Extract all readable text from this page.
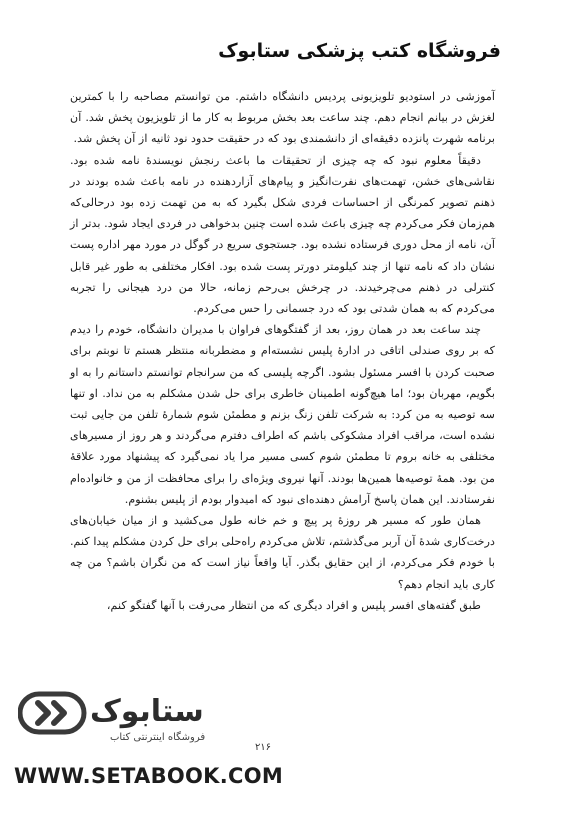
فروشگاه کتب پزشکی ستابوک

آموزشی در استودیو تلویزیونی پردیس دانشگاه داشتم. من توانستم مصاحبه را با کمترین لغزش در بیانم انجام دهم. چند ساعت بعد بخش مربوط به کار ما از تلویزیون پخش شد. آن برنامه شهرت پانزده دقیقه‌ای از دانشمندی بود که در حقیقت حدود نود ثانیه از آن پخش شد.

دقیقاً معلوم نبود که چه چیزی از تحقیقات ما باعث رنجش نویسندهٔ نامه شده بود. نقاشی‌های خشن، تهمت‌های نفرت‌انگیز و پیام‌های آزاردهنده در نامه باعث شده بودند در ذهنم تصویر کمرنگی از احساسات فردی شکل بگیرد که به من تهمت زده بود درحالی‌که هم‌زمان فکر می‌کردم چه چیزی باعث شده است چنین بدخواهی در فردی ایجاد شود. بدتر از آن، نامه از محل دوری فرستاده نشده بود. جستجوی سریع در گوگل در مورد مهر اداره پست نشان داد که نامه تنها از چند کیلومتر دورتر پست شده بود. افکار مختلفی به طور غیر قابل کنترلی در ذهنم می‌چرخیدند. در چرخش بی‌رحم زمانه، حالا من درد هیجانی را تجربه می‌کردم که به همان شدتی بود که درد جسمانی را حس می‌کردم.

چند ساعت بعد در همان روز، بعد از گفتگوهای فراوان با مدیران دانشگاه، خودم را دیدم که بر روی صندلی اتاقی در ادارهٔ پلیس نشسته‌ام و مضطربانه منتظر هستم تا نوبتم برای صحبت کردن با افسر مسئول بشود. اگرچه پلیسی که من سرانجام توانستم داستانم را به او بگویم، مهربان بود؛ اما هیچ‌گونه اطمینان خاطری برای حل شدن مشکلم به من نداد. او تنها سه توصیه به من کرد: به شرکت تلفن زنگ بزنم و مطمئن شوم شمارهٔ تلفن من جایی ثبت نشده است، مراقب افراد مشکوکی باشم که اطراف دفترم می‌گردند و هر روز از مسیرهای مختلفی به خانه بروم تا مطمئن شوم کسی مسیر مرا یاد نمی‌گیرد که پیشنهاد مورد علاقهٔ من بود. همهٔ توصیه‌ها همین‌ها بودند. آنها نیروی ویژه‌ای را برای محافظت از من و خانواده‌ام نفرستادند. این همان پاسخ آرامش دهنده‌ای نبود که امیدوار بودم از پلیس بشنوم.

همان طور که مسیر هر روزهٔ پر پیچ و خم خانه طول می‌کشید و از میان خیابان‌های درخت‌کاری شدهٔ آن آربر می‌گذشتم، تلاش می‌کردم راه‌حلی برای حل کردن مشکلم پیدا کنم. با خودم فکر می‌کردم، از این حقایق بگذر. آیا واقعاً نیاز است که من نگران باشم؟ من چه کاری باید انجام دهم؟

طبق گفته‌های افسر پلیس و افراد دیگری که من انتظار می‌رفت با آنها گفتگو کنم،

ستابوک
فروشگاه اینترنتی کتاب
۲۱۶
WWW.SETABOOK.COM
